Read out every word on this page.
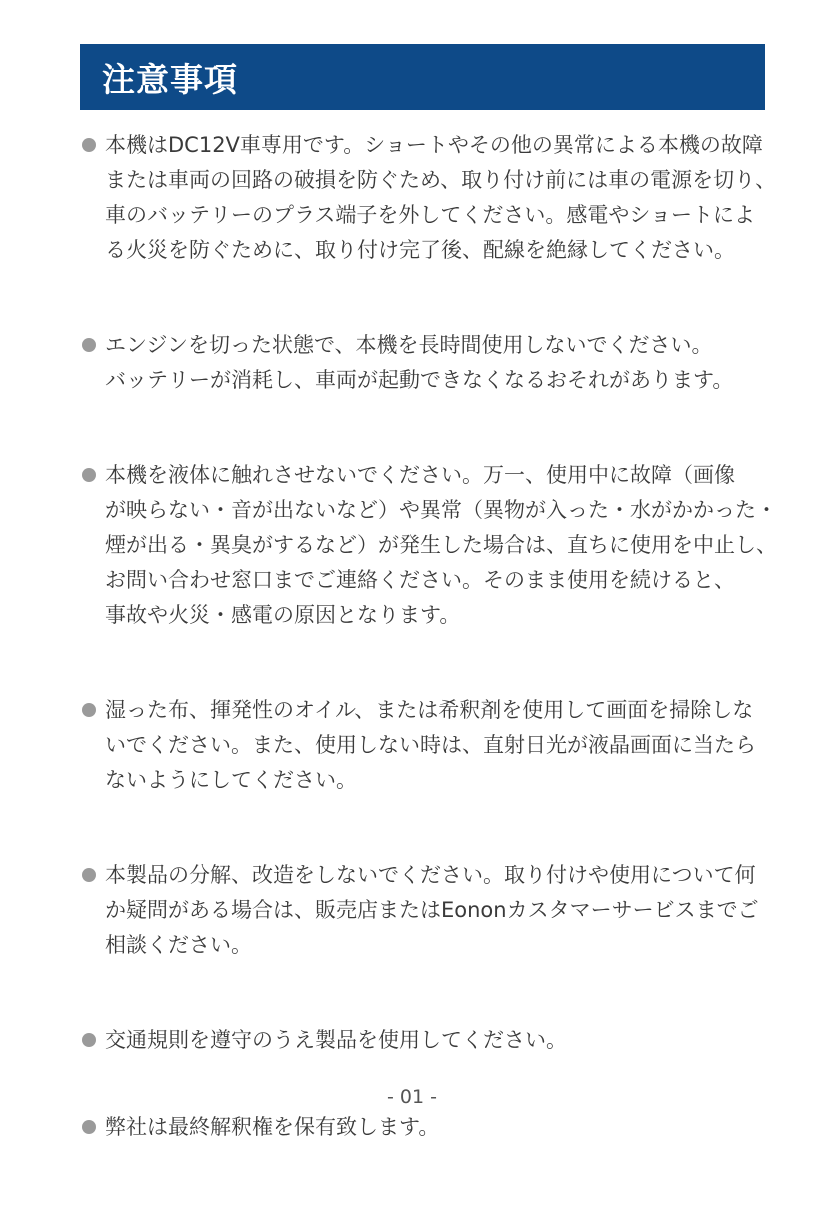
注意事項
本機はDC12V車専用です。ショートやその他の異常による本機の故障
または車両の回路の破損を防ぐため、取り付け前には車の電源を切り、
車のバッテリーのプラス端子を外してください。感電やショートによ
る火災を防ぐために、取り付け完了後、配線を絶縁してください。
エンジンを切った状態で、本機を長時間使用しないでください。
バッテリーが消耗し、車両が起動できなくなるおそれがあります。
本機を液体に触れさせないでください。万一、使用中に故障（画像
が映らない・音が出ないなど）や異常（異物が入った・水がかかった・
煙が出る・異臭がするなど）が発生した場合は、直ちに使用を中止し、
お問い合わせ窓口までご連絡ください。そのまま使用を続けると、
事故や火災・感電の原因となります。
湿った布、揮発性のオイル、または希釈剤を使用して画面を掃除しな
いでください。また、使用しない時は、直射日光が液晶画面に当たら
ないようにしてください。
本製品の分解、改造をしないでください。取り付けや使用について何
か疑問がある場合は、販売店またはEononカスタマーサービスまでご
相談ください。
交通規則を遵守のうえ製品を使用してください。
弊社は最終解釈権を保有致します。
- 01 -
